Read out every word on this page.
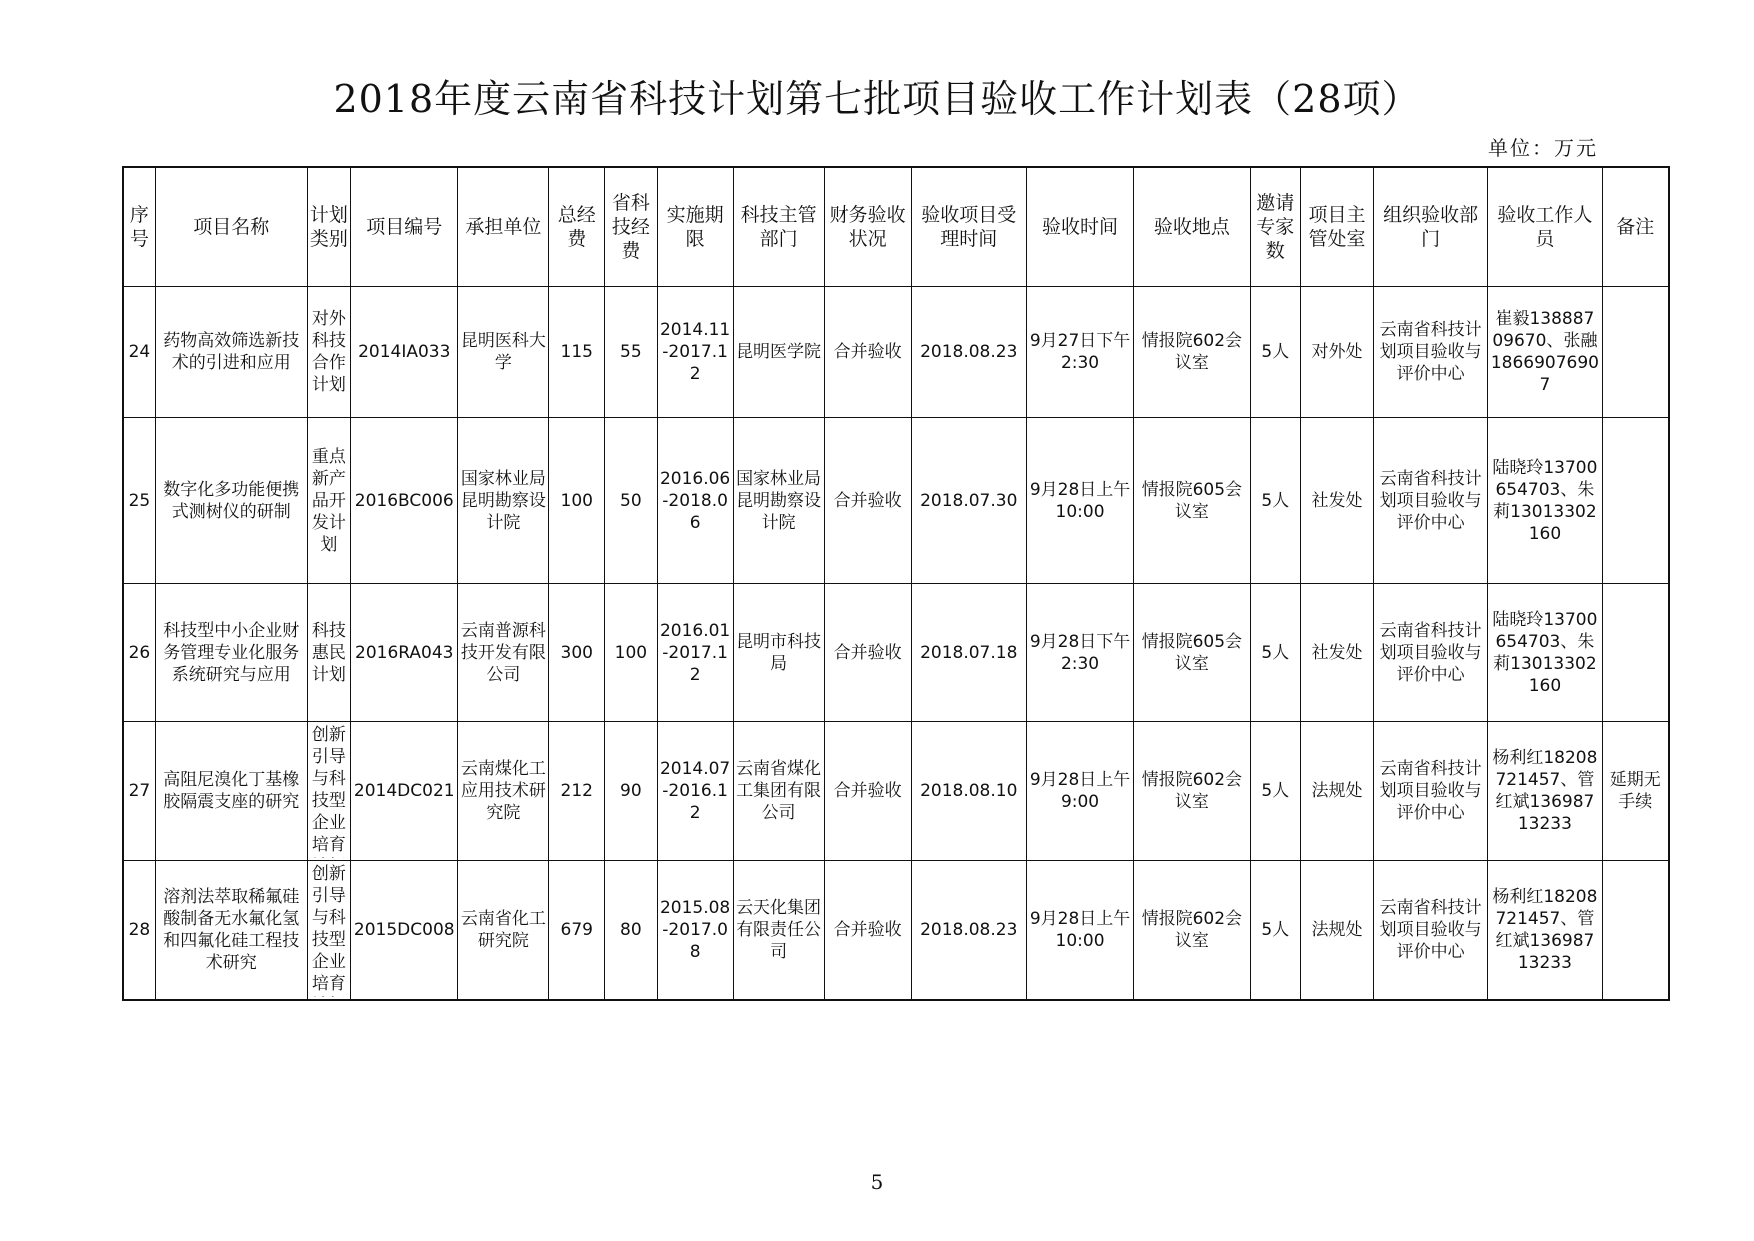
2018年度云南省科技计划第七批项目验收工作计划表（28项）
单位：万元
序号	项目名称	计划类别	项目编号	承担单位	总经费	省科技经费	实施期限	科技主管部门	财务验收状况	验收项目受理时间	验收时间	验收地点	邀请专家数	项目主管处室	组织验收部门	验收工作人员	备注
24	药物高效筛选新技术的引进和应用	对外科技合作计划	2014IA033	昆明医科大学	115	55	2014.11-2017.12	昆明医学院	合并验收	2018.08.23	9月27日下午2:30	情报院602会议室	5人	对外处	云南省科技计划项目验收与评价中心	崔毅13888709670、张融18669076907	
25	数字化多功能便携式测树仪的研制	重点新产品开发计划	2016BC006	国家林业局昆明勘察设计院	100	50	2016.06-2018.06	国家林业局昆明勘察设计院	合并验收	2018.07.30	9月28日上午10:00	情报院605会议室	5人	社发处	云南省科技计划项目验收与评价中心	陆晓玲13700654703、朱莉13013302160	
26	科技型中小企业财务管理专业化服务系统研究与应用	科技惠民计划	2016RA043	云南普源科技开发有限公司	300	100	2016.01-2017.12	昆明市科技局	合并验收	2018.07.18	9月28日下午2:30	情报院605会议室	5人	社发处	云南省科技计划项目验收与评价中心	陆晓玲13700654703、朱莉13013302160	
27	高阻尼溴化丁基橡胶隔震支座的研究	创新引导与科技型企业培育	2014DC021	云南煤化工应用技术研究院	212	90	2014.07-2016.12	云南省煤化工集团有限公司	合并验收	2018.08.10	9月28日上午9:00	情报院602会议室	5人	法规处	云南省科技计划项目验收与评价中心	杨利红18208721457、管红斌13698713233	延期无手续
28	溶剂法萃取稀氟硅酸制备无水氟化氢和四氟化硅工程技术研究	创新引导与科技型企业培育	2015DC008	云南省化工研究院	679	80	2015.08-2017.08	云天化集团有限责任公司	合并验收	2018.08.23	9月28日上午10:00	情报院602会议室	5人	法规处	云南省科技计划项目验收与评价中心	杨利红18208721457、管红斌13698713233	
5
